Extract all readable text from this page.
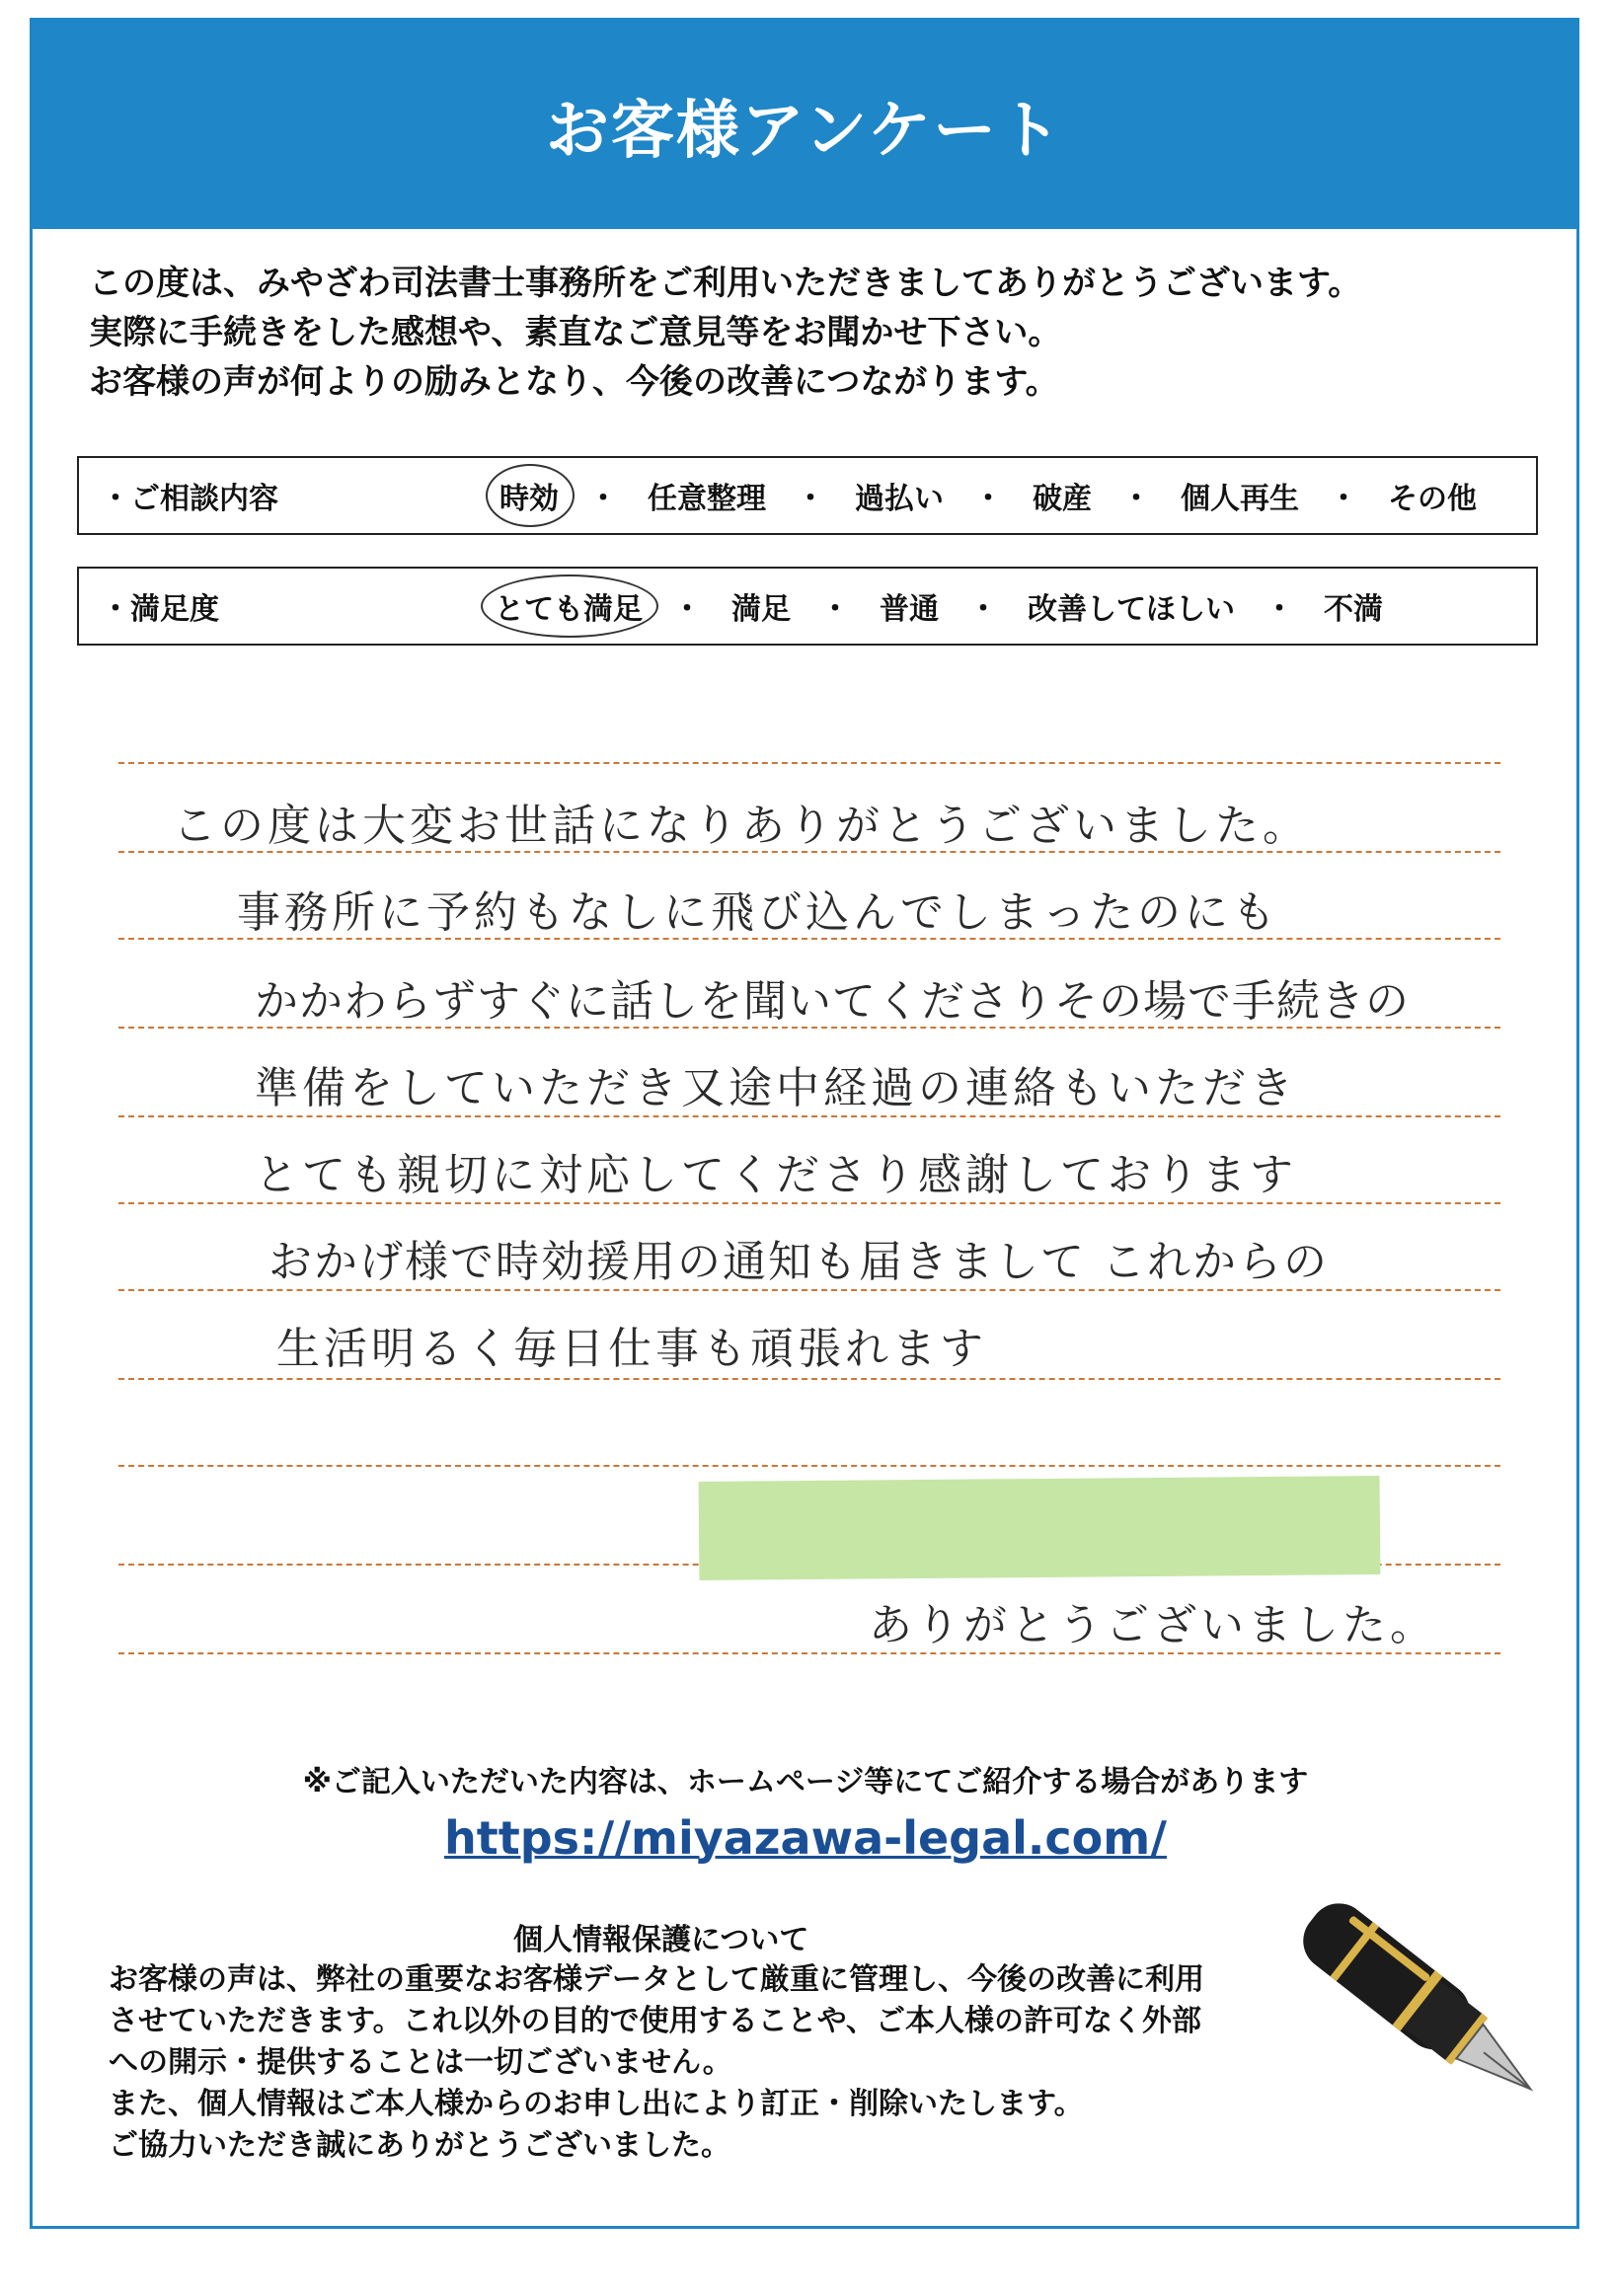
お客様アンケート

この度は、みやざわ司法書士事務所をご利用いただきましてありがとうございます。

実際に手続きをした感想や、素直なご意見等をお聞かせ下さい。

お客様の声が何よりの励みとなり、今後の改善につながります。

・ご相談内容	時効	・	任意整理	・	過払い	・	破産	・	個人再生	・	その他
・満足度	とても満足	・	満足	・	普通	・	改善してほしい	・	不満
この度は大変お世話になりありがとうございました。
事務所に予約もなしに飛び込んでしまったのにも
かかわらずすぐに話しを聞いてくださりその場で手続きの
準備をしていただき又途中経過の連絡もいただき
とても親切に対応してくださり感謝しております
おかげ様で時効援用の通知も届きまして これからの
生活明るく毎日仕事も頑張れます
ありがとうございました。
※ご記入いただいた内容は、ホームページ等にてご紹介する場合があります
https://miyazawa-legal.com/
個人情報保護について

お客様の声は、弊社の重要なお客様データとして厳重に管理し、今後の改善に利用

させていただきます。これ以外の目的で使用することや、ご本人様の許可なく外部

への開示・提供することは一切ございません。

また、個人情報はご本人様からのお申し出により訂正・削除いたします。

ご協力いただき誠にありがとうございました。
